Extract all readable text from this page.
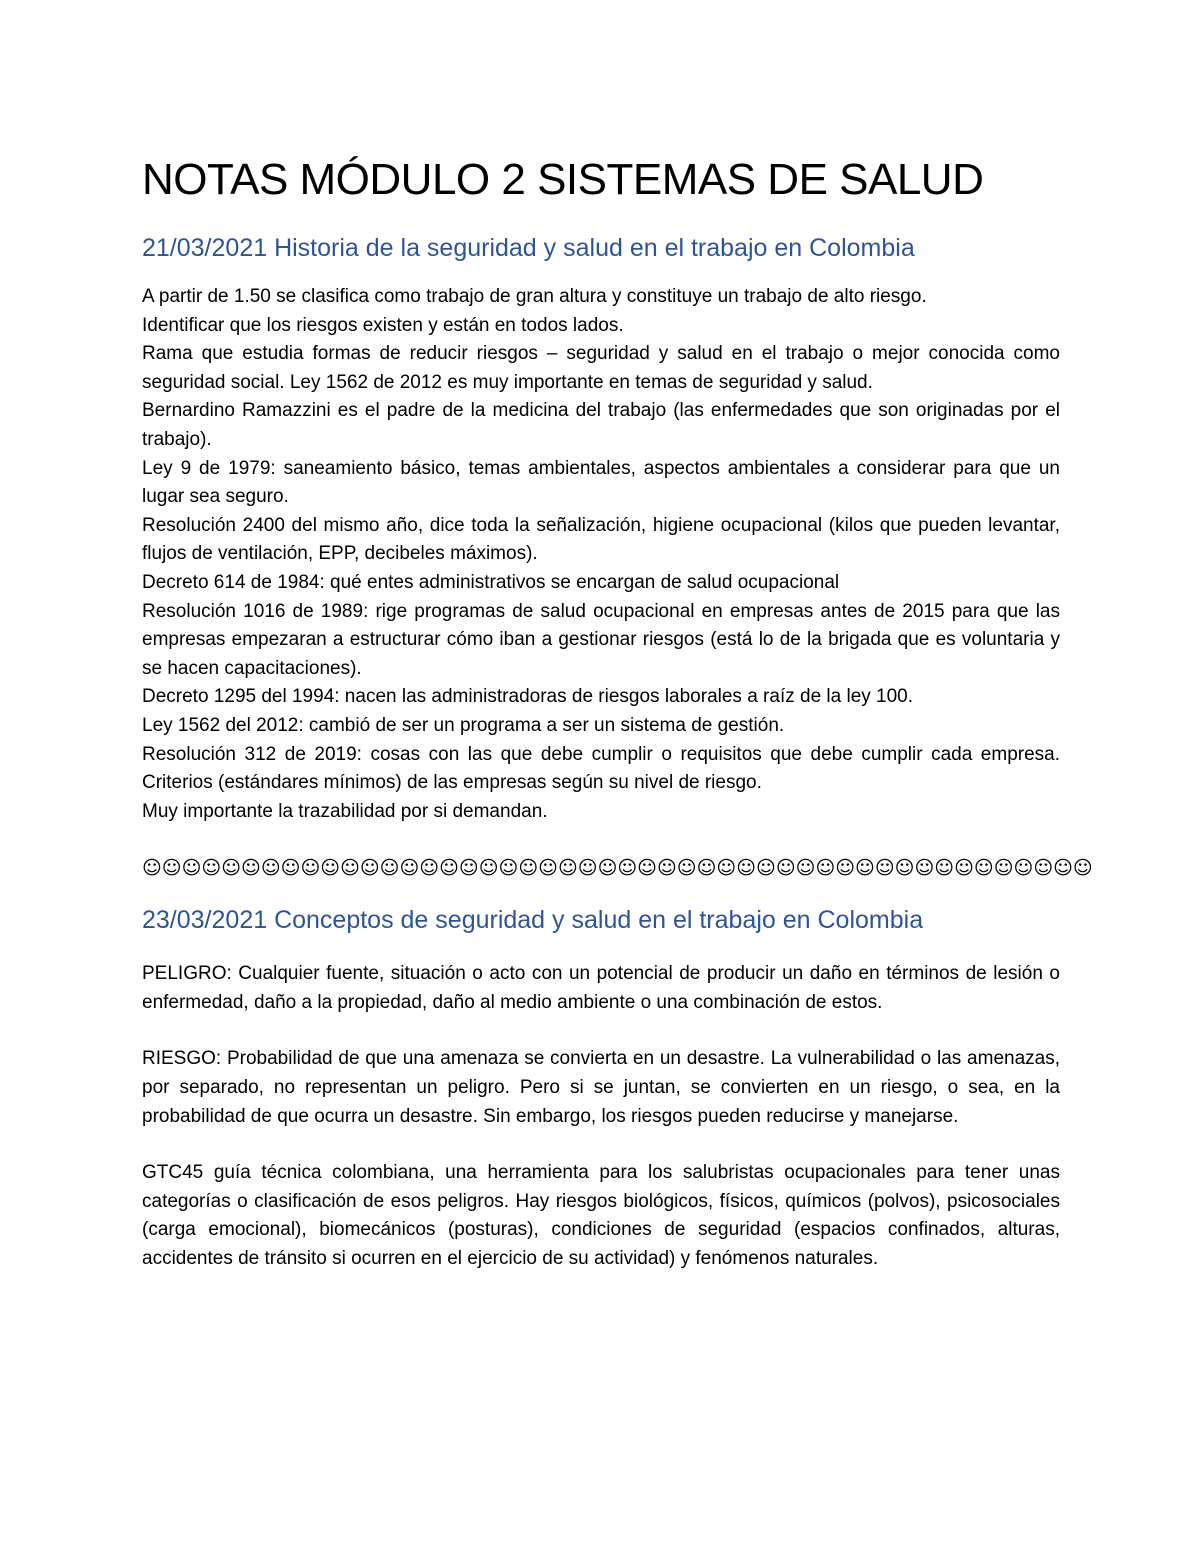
NOTAS MÓDULO 2 SISTEMAS DE SALUD
21/03/2021 Historia de la seguridad y salud en el trabajo en Colombia
A partir de 1.50 se clasifica como trabajo de gran altura y constituye un trabajo de alto riesgo.
Identificar que los riesgos existen y están en todos lados.
Rama que estudia formas de reducir riesgos – seguridad y salud en el trabajo o mejor conocida como seguridad social. Ley 1562 de 2012 es muy importante en temas de seguridad y salud.
Bernardino Ramazzini es el padre de la medicina del trabajo (las enfermedades que son originadas por el trabajo).
Ley 9 de 1979: saneamiento básico, temas ambientales, aspectos ambientales a considerar para que un lugar sea seguro.
Resolución 2400 del mismo año, dice toda la señalización, higiene ocupacional (kilos que pueden levantar, flujos de ventilación, EPP, decibeles máximos).
Decreto 614 de 1984: qué entes administrativos se encargan de salud ocupacional
Resolución 1016 de 1989: rige programas de salud ocupacional en empresas antes de 2015 para que las empresas empezaran a estructurar cómo iban a gestionar riesgos (está lo de la brigada que es voluntaria y se hacen capacitaciones).
Decreto 1295 del 1994: nacen las administradoras de riesgos laborales a raíz de la ley 100.
Ley 1562 del 2012: cambió de ser un programa a ser un sistema de gestión.
Resolución 312 de 2019: cosas con las que debe cumplir o requisitos que debe cumplir cada empresa. Criterios (estándares mínimos) de las empresas según su nivel de riesgo.
Muy importante la trazabilidad por si demandan.

☺☺☺☺☺☺☺☺☺☺☺☺☺☺☺☺☺☺☺☺☺☺☺☺☺☺☺☺☺☺☺☺☺☺☺☺☺☺☺☺☺☺☺☺☺☺☺☺

23/03/2021 Conceptos de seguridad y salud en el trabajo en Colombia

PELIGRO: Cualquier fuente, situación o acto con un potencial de producir un daño en términos de lesión o enfermedad, daño a la propiedad, daño al medio ambiente o una combinación de estos.

RIESGO: Probabilidad de que una amenaza se convierta en un desastre. La vulnerabilidad o las amenazas, por separado, no representan un peligro. Pero si se juntan, se convierten en un riesgo, o sea, en la probabilidad de que ocurra un desastre. Sin embargo, los riesgos pueden reducirse y manejarse.

GTC45 guía técnica colombiana, una herramienta para los salubristas ocupacionales para tener unas categorías o clasificación de esos peligros. Hay riesgos biológicos, físicos, químicos (polvos), psicosociales (carga emocional), biomecánicos (posturas), condiciones de seguridad (espacios confinados, alturas, accidentes de tránsito si ocurren en el ejercicio de su actividad) y fenómenos naturales.
